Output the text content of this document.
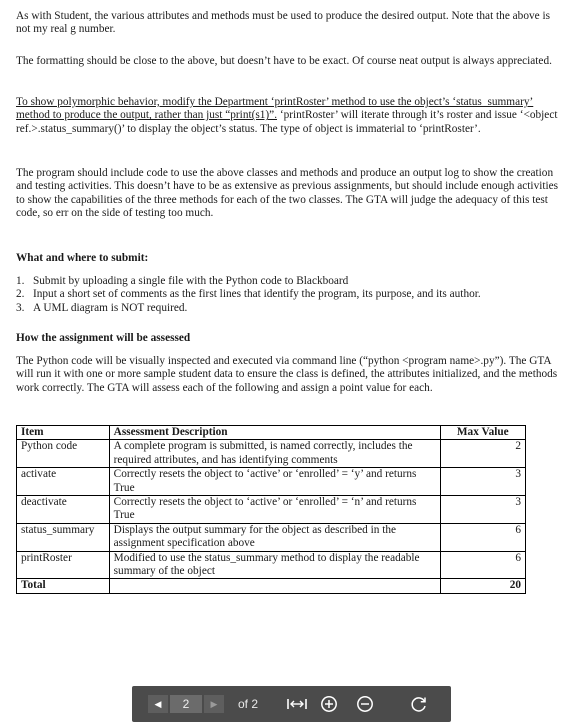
As with Student, the various attributes and methods must be used to produce the desired output. Note that the above is not my real g number.

The formatting should be close to the above, but doesn’t have to be exact. Of course neat output is always appreciated.

To show polymorphic behavior, modify the Department ‘printRoster’ method to use the object’s ‘status_summary’ method to produce the output, rather than just “print(s1)”. ‘printRoster’ will iterate through it’s roster and issue ‘<object ref.>.status_summary()’ to display the object’s status. The type of object is immaterial to ‘printRoster’.

The program should include code to use the above classes and methods and produce an output log to show the creation and testing activities. This doesn’t have to be as extensive as previous assignments, but should include enough activities to show the capabilities of the three methods for each of the two classes. The GTA will judge the adequacy of this test code, so err on the side of testing too much.

What and where to submit:

1. Submit by uploading a single file with the Python code to Blackboard
2. Input a short set of comments as the first lines that identify the program, its purpose, and its author.
3. A UML diagram is NOT required.

How the assignment will be assessed

The Python code will be visually inspected and executed via command line (“python <program name>.py”). The GTA will run it with one or more sample student data to ensure the class is defined, the attributes initialized, and the methods work correctly. The GTA will assess each of the following and assign a point value for each.

Item	Assessment Description	Max Value
Python code	A complete program is submitted, is named correctly, includes the required attributes, and has identifying comments	2
activate	Correctly resets the object to ‘active’ or ‘enrolled’ = ‘y’ and returns True	3
deactivate	Correctly resets the object to ‘active’ or ‘enrolled’ = ‘n’ and returns True	3
status_summary	Displays the output summary for the object as described in the assignment specification above	6
printRoster	Modified to use the status_summary method to display the readable summary of the object	6
Total		20
◀	2	▶ of 2
